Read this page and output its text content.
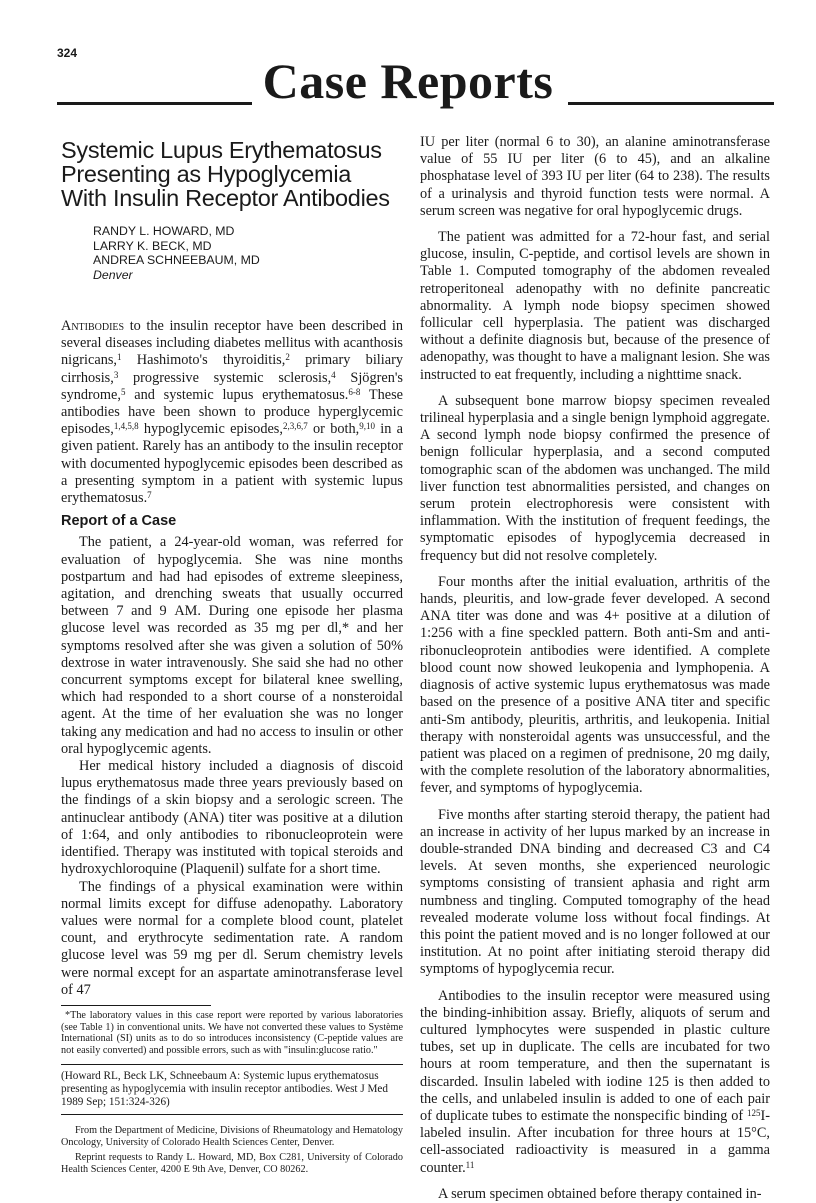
324	Case Reports
Systemic Lupus Erythematosus Presenting as Hypoglycemia With Insulin Receptor Antibodies
RANDY L. HOWARD, MD
LARRY K. BECK, MD
ANDREA SCHNEEBAUM, MD
Denver

Antibodies to the insulin receptor have been described in several diseases including diabetes mellitus with acanthosis nigricans,$^1$ Hashimoto's thyroiditis,$^2$ primary biliary cirrhosis,$^3$ progressive systemic sclerosis,$^4$ Sjögren's syndrome,$^5$ and systemic lupus erythematosus.$^{6-8}$ These antibodies have been shown to produce hyperglycemic episodes,$^{1,4,5,8}$ hypoglycemic episodes,$^{2,3,6,7}$ or both,$^{9,10}$ in a given patient. Rarely has an antibody to the insulin receptor with documented hypoglycemic episodes been described as a presenting symptom in a patient with systemic lupus erythematosus.$^7$

Report of a Case

The patient, a 24-year-old woman, was referred for evaluation of hypoglycemia. She was nine months postpartum and had had episodes of extreme sleepiness, agitation, and drenching sweats that usually occurred between 7 and 9 AM. During one episode her plasma glucose level was recorded as 35 mg per dl,* and her symptoms resolved after she was given a solution of 50% dextrose in water intravenously. She said she had no other concurrent symptoms except for bilateral knee swelling, which had responded to a short course of a nonsteroidal agent. At the time of her evaluation she was no longer taking any medication and had no access to insulin or other oral hypoglycemic agents.

Her medical history included a diagnosis of discoid lupus erythematosus made three years previously based on the findings of a skin biopsy and a serologic screen. The antinuclear antibody (ANA) titer was positive at a dilution of 1:64, and only antibodies to ribonucleoprotein were identified. Therapy was instituted with topical steroids and hydroxychloroquine (Plaquenil) sulfate for a short time.

The findings of a physical examination were within normal limits except for diffuse adenopathy. Laboratory values were normal for a complete blood count, platelet count, and erythrocyte sedimentation rate. A random glucose level was 59 mg per dl. Serum chemistry levels were normal except for an aspartate aminotransferase level of 47

*The laboratory values in this case report were reported by various laboratories (see Table 1) in conventional units. We have not converted these values to Système International (SI) units as to do so introduces inconsistency (C-peptide values are not easily converted) and possible errors, such as with "insulin:glucose ratio."
(Howard RL, Beck LK, Schneebaum A: Systemic lupus erythematosus presenting as hypoglycemia with insulin receptor antibodies. West J Med 1989 Sep; 151:324-326)
From the Department of Medicine, Divisions of Rheumatology and Hematology Oncology, University of Colorado Health Sciences Center, Denver.
Reprint requests to Randy L. Howard, MD, Box C281, University of Colorado Health Sciences Center, 4200 E 9th Ave, Denver, CO 80262.

IU per liter (normal 6 to 30), an alanine aminotransferase value of 55 IU per liter (6 to 45), and an alkaline phosphatase level of 393 IU per liter (64 to 238). The results of a urinalysis and thyroid function tests were normal. A serum screen was negative for oral hypoglycemic drugs.

The patient was admitted for a 72-hour fast, and serial glucose, insulin, C-peptide, and cortisol levels are shown in Table 1. Computed tomography of the abdomen revealed retroperitoneal adenopathy with no definite pancreatic abnormality. A lymph node biopsy specimen showed follicular cell hyperplasia. The patient was discharged without a definite diagnosis but, because of the presence of adenopathy, was thought to have a malignant lesion. She was instructed to eat frequently, including a nighttime snack.

A subsequent bone marrow biopsy specimen revealed trilineal hyperplasia and a single benign lymphoid aggregate. A second lymph node biopsy confirmed the presence of benign follicular hyperplasia, and a second computed tomographic scan of the abdomen was unchanged. The mild liver function test abnormalities persisted, and changes on serum protein electrophoresis were consistent with inflammation. With the institution of frequent feedings, the symptomatic episodes of hypoglycemia decreased in frequency but did not resolve completely.

Four months after the initial evaluation, arthritis of the hands, pleuritis, and low-grade fever developed. A second ANA titer was done and was 4+ positive at a dilution of 1:256 with a fine speckled pattern. Both anti-Sm and anti-ribonucleoprotein antibodies were identified. A complete blood count now showed leukopenia and lymphopenia. A diagnosis of active systemic lupus erythematosus was made based on the presence of a positive ANA titer and specific anti-Sm antibody, pleuritis, arthritis, and leukopenia. Initial therapy with nonsteroidal agents was unsuccessful, and the patient was placed on a regimen of prednisone, 20 mg daily, with the complete resolution of the laboratory abnormalities, fever, and symptoms of hypoglycemia.

Five months after starting steroid therapy, the patient had an increase in activity of her lupus marked by an increase in double-stranded DNA binding and decreased C3 and C4 levels. At seven months, she experienced neurologic symptoms consisting of transient aphasia and right arm numbness and tingling. Computed tomography of the head revealed moderate volume loss without focal findings. At this point the patient moved and is no longer followed at our institution. At no point after initiating steroid therapy did symptoms of hypoglycemia recur.

Antibodies to the insulin receptor were measured using the binding-inhibition assay. Briefly, aliquots of serum and cultured lymphocytes were suspended in plastic culture tubes, set up in duplicate. The cells are incubated for two hours at room temperature, and then the supernatant is discarded. Insulin labeled with iodine 125 is then added to the cells, and unlabeled insulin is added to one of each pair of duplicate tubes to estimate the nonspecific binding of $^{125}$I-labeled insulin. After incubation for three hours at 15°C, cell-associated radioactivity is measured in a gamma counter.$^{11}$

A serum specimen obtained before therapy contained in-
